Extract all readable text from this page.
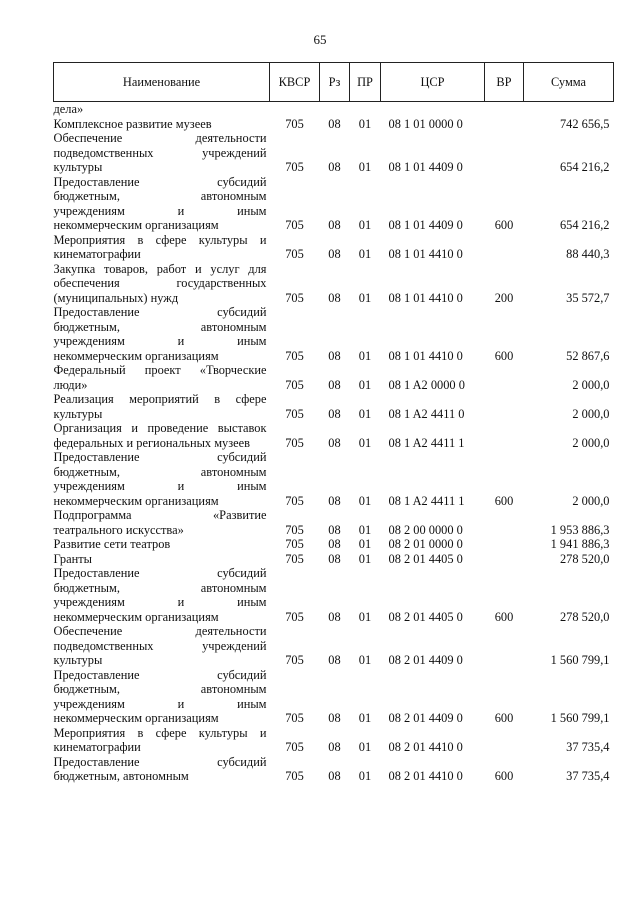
65
Наименование	КВСР	Рз	ПР	ЦСР	ВР	Сумма

дела»						

Комплексное развитие музеев	705	08	01	08 1 01 0000 0		742 656,5

Обеспечение деятельности
подведомственных учреждений
культуры	705	08	01	08 1 01 4409 0		654 216,2

Предоставление субсидий
бюджетным, автономным
учреждениям и иным
некоммерческим организациям	705	08	01	08 1 01 4409 0	600	654 216,2

Мероприятия в сфере культуры и
кинематографии	705	08	01	08 1 01 4410 0		88 440,3

Закупка товаров, работ и услуг для
обеспечения государственных
(муниципальных) нужд	705	08	01	08 1 01 4410 0	200	35 572,7

Предоставление субсидий
бюджетным, автономным
учреждениям и иным
некоммерческим организациям	705	08	01	08 1 01 4410 0	600	52 867,6

Федеральный проект «Творческие
люди»	705	08	01	08 1 A2 0000 0		2 000,0

Реализация мероприятий в сфере
культуры	705	08	01	08 1 A2 4411 0		2 000,0

Организация и проведение выставок
федеральных и региональных музеев	705	08	01	08 1 A2 4411 1		2 000,0

Предоставление субсидий
бюджетным, автономным
учреждениям и иным
некоммерческим организациям	705	08	01	08 1 A2 4411 1	600	2 000,0

Подпрограмма «Развитие
театрального искусства»	705	08	01	08 2 00 0000 0		1 953 886,3

Развитие сети театров	705	08	01	08 2 01 0000 0		1 941 886,3

Гранты	705	08	01	08 2 01 4405 0		278 520,0

Предоставление субсидий
бюджетным, автономным
учреждениям и иным
некоммерческим организациям	705	08	01	08 2 01 4405 0	600	278 520,0

Обеспечение деятельности
подведомственных учреждений
культуры	705	08	01	08 2 01 4409 0		1 560 799,1

Предоставление субсидий
бюджетным, автономным
учреждениям и иным
некоммерческим организациям	705	08	01	08 2 01 4409 0	600	1 560 799,1

Мероприятия в сфере культуры и
кинематографии	705	08	01	08 2 01 4410 0		37 735,4

Предоставление субсидий
бюджетным, автономным	705	08	01	08 2 01 4410 0	600	37 735,4
